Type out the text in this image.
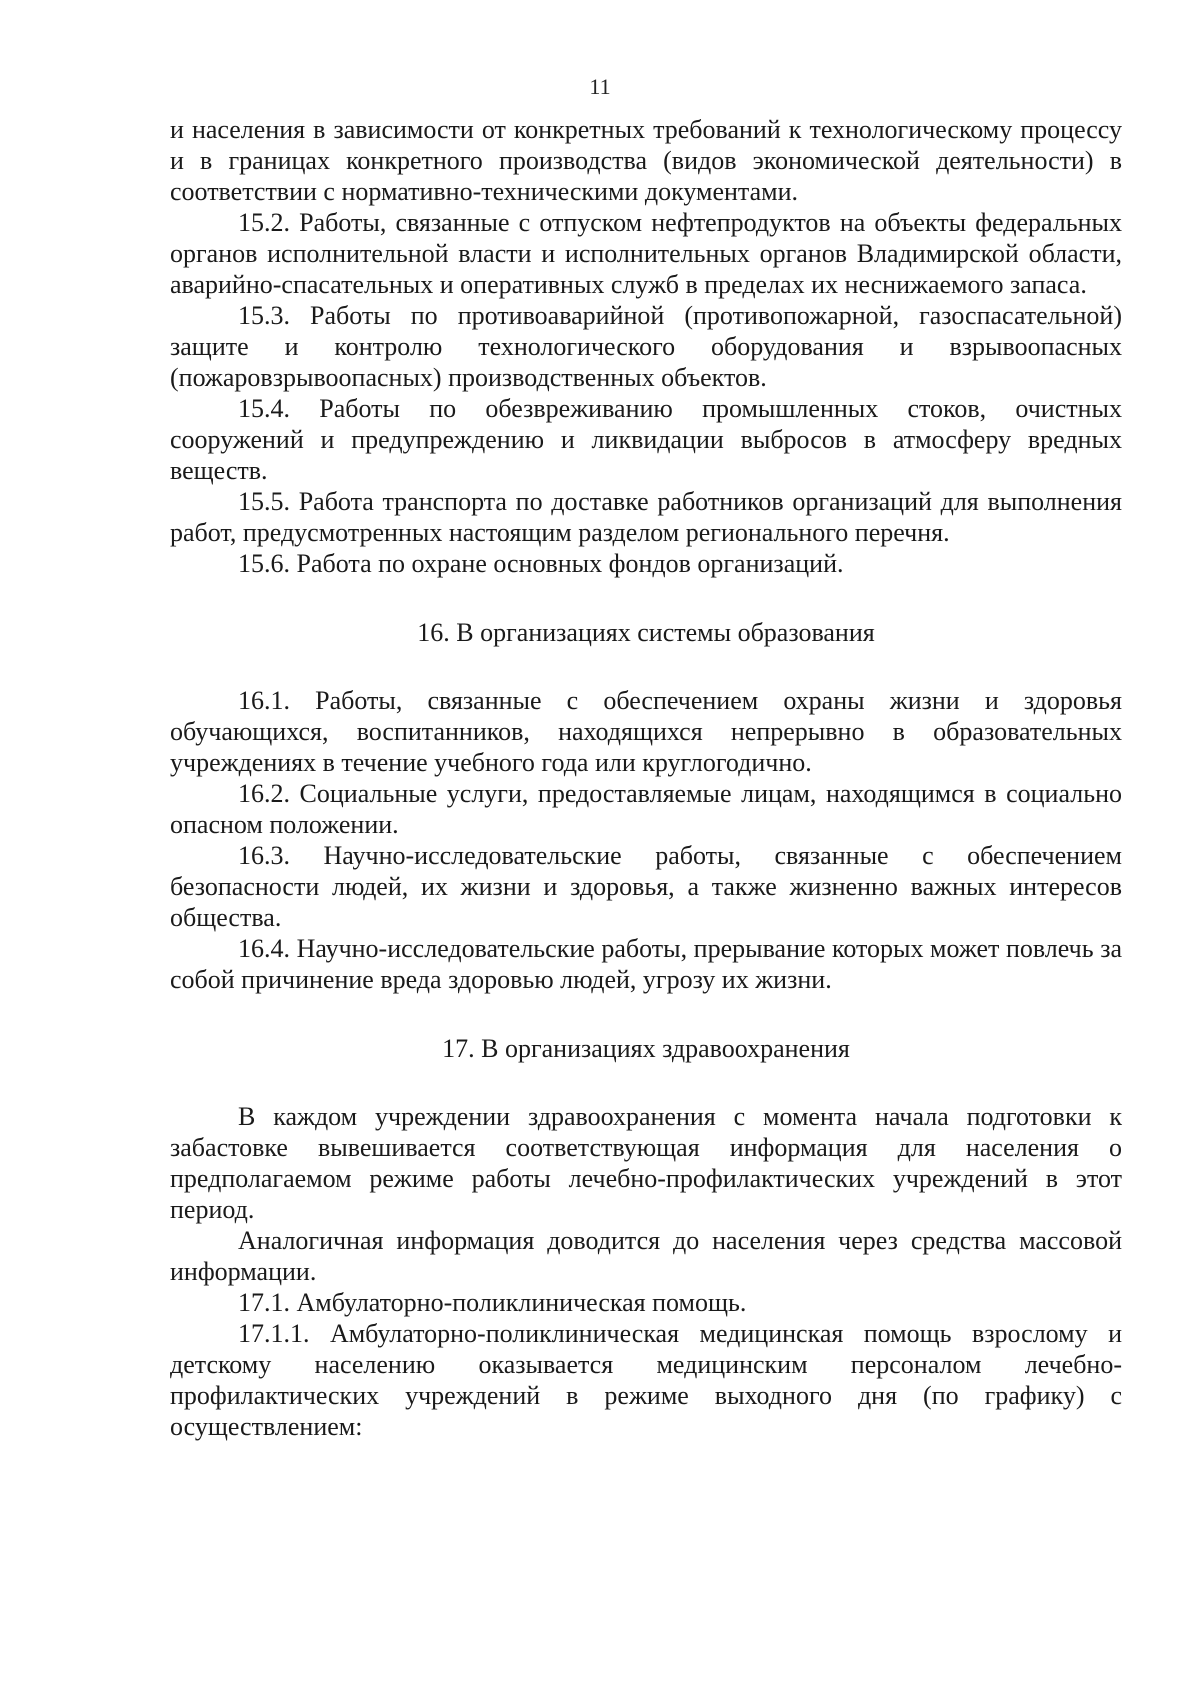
11

и населения в зависимости от конкретных требований к технологическому процессу и в границах конкретного производства (видов экономической деятельности) в соответствии с нормативно-техническими документами.

15.2. Работы, связанные с отпуском нефтепродуктов на объекты федеральных органов исполнительной власти и исполнительных органов Владимирской области, аварийно-спасательных и оперативных служб в пределах их неснижаемого запаса.

15.3. Работы по противоаварийной (противопожарной, газоспасательной) защите и контролю технологического оборудования и взрывоопасных (пожаровзрывоопасных) производственных объектов.

15.4. Работы по обезвреживанию промышленных стоков, очистных сооружений и предупреждению и ликвидации выбросов в атмосферу вредных веществ.

15.5. Работа транспорта по доставке работников организаций для выполнения работ, предусмотренных настоящим разделом регионального перечня.

15.6. Работа по охране основных фондов организаций.

16. В организациях системы образования

16.1. Работы, связанные с обеспечением охраны жизни и здоровья обучающихся, воспитанников, находящихся непрерывно в образовательных учреждениях в течение учебного года или круглогодично.

16.2. Социальные услуги, предоставляемые лицам, находящимся в социально опасном положении.

16.3. Научно-исследовательские работы, связанные с обеспечением безопасности людей, их жизни и здоровья, а также жизненно важных интересов общества.

16.4. Научно-исследовательские работы, прерывание которых может повлечь за собой причинение вреда здоровью людей, угрозу их жизни.

17. В организациях здравоохранения

В каждом учреждении здравоохранения с момента начала подготовки к забастовке вывешивается соответствующая информация для населения о предполагаемом режиме работы лечебно-профилактических учреждений в этот период.

Аналогичная информация доводится до населения через средства массовой информации.

17.1. Амбулаторно-поликлиническая помощь.

17.1.1. Амбулаторно-поликлиническая медицинская помощь взрослому и детскому населению оказывается медицинским персоналом лечебно-профилактических учреждений в режиме выходного дня (по графику) с осуществлением:
